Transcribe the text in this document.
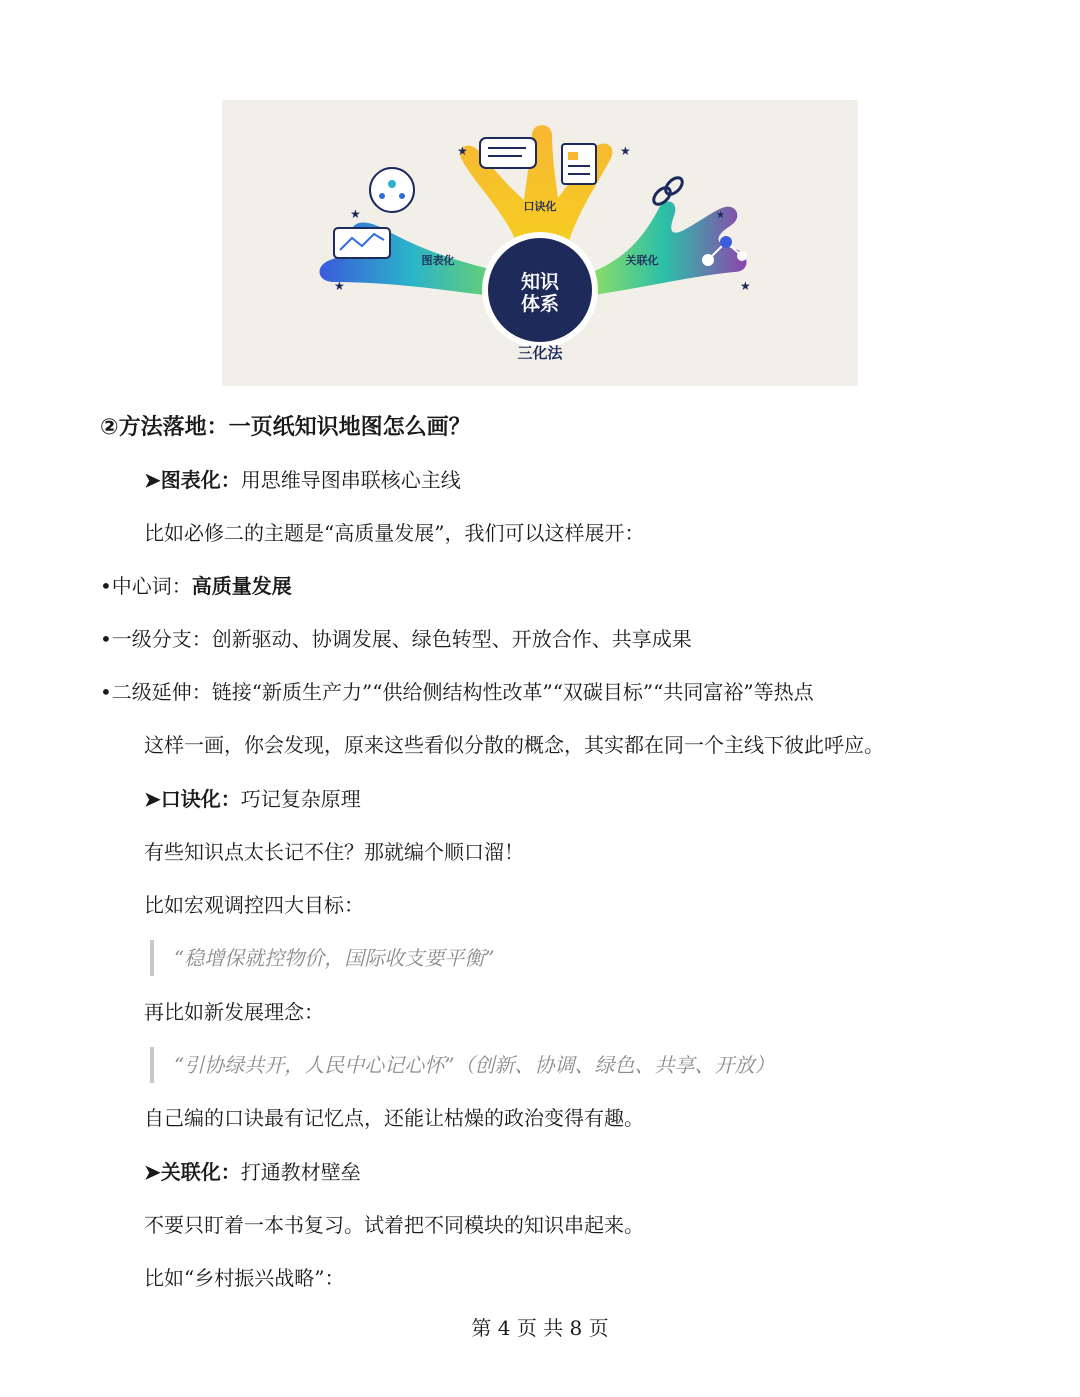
★
★	★
★
★
★	知识
体系
图表化
口诀化
关联化
三化法
②方法落地：一页纸知识地图怎么画？
➤图表化：用思维导图串联核心主线
比如必修二的主题是“高质量发展”，我们可以这样展开：
•中心词：高质量发展
•一级分支：创新驱动、协调发展、绿色转型、开放合作、共享成果
•二级延伸：链接“新质生产力”“供给侧结构性改革”“双碳目标”“共同富裕”等热点
这样一画，你会发现，原来这些看似分散的概念，其实都在同一个主线下彼此呼应。
➤口诀化：巧记复杂原理
有些知识点太长记不住？那就编个顺口溜！
比如宏观调控四大目标：
“稳增保就控物价，国际收支要平衡”
再比如新发展理念：
“引协绿共开，人民中心记心怀”（创新、协调、绿色、共享、开放）
自己编的口诀最有记忆点，还能让枯燥的政治变得有趣。
➤关联化：打通教材壁垒
不要只盯着一本书复习。试着把不同模块的知识串起来。
比如“乡村振兴战略”：
第 4 页 共 8 页
